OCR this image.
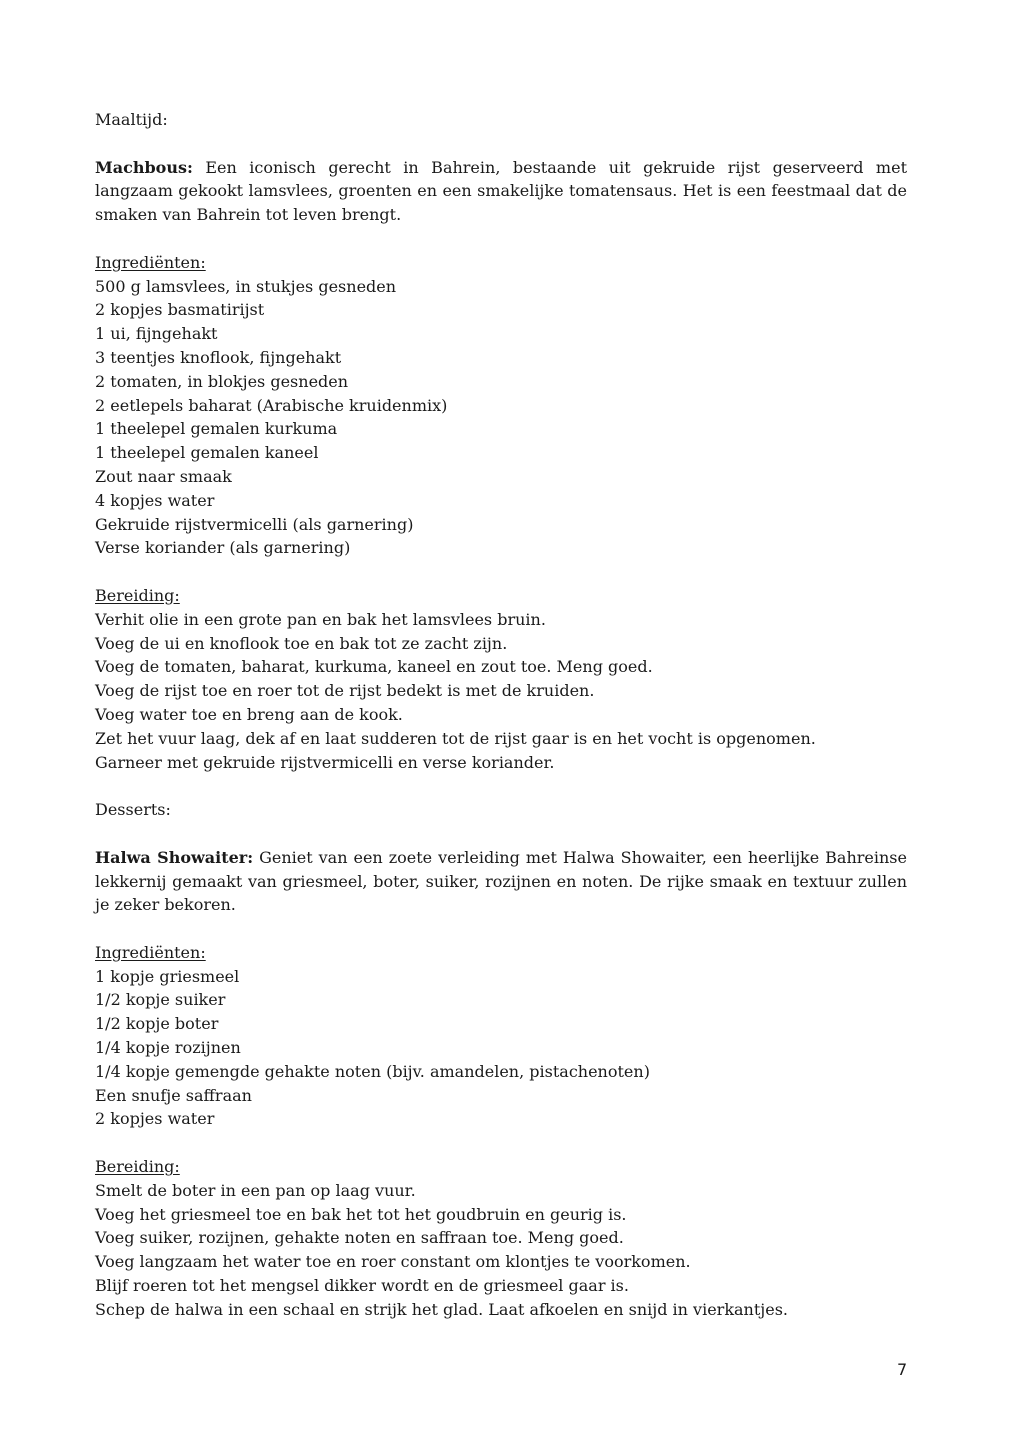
Maaltijd:
Machbous: Een iconisch gerecht in Bahrein, bestaande uit gekruide rijst geserveerd met langzaam gekookt lamsvlees, groenten en een smakelijke tomatensaus. Het is een feestmaal dat de smaken van Bahrein tot leven brengt.
Ingrediënten:
500 g lamsvlees, in stukjes gesneden
2 kopjes basmatirijst
1 ui, fijngehakt
3 teentjes knoflook, fijngehakt
2 tomaten, in blokjes gesneden
2 eetlepels baharat (Arabische kruidenmix)
1 theelepel gemalen kurkuma
1 theelepel gemalen kaneel
Zout naar smaak
4 kopjes water
Gekruide rijstvermicelli (als garnering)
Verse koriander (als garnering)
Bereiding:
Verhit olie in een grote pan en bak het lamsvlees bruin.
Voeg de ui en knoflook toe en bak tot ze zacht zijn.
Voeg de tomaten, baharat, kurkuma, kaneel en zout toe. Meng goed.
Voeg de rijst toe en roer tot de rijst bedekt is met de kruiden.
Voeg water toe en breng aan de kook.
Zet het vuur laag, dek af en laat sudderen tot de rijst gaar is en het vocht is opgenomen.
Garneer met gekruide rijstvermicelli en verse koriander.
Desserts:
Halwa Showaiter: Geniet van een zoete verleiding met Halwa Showaiter, een heerlijke Bahreinse lekkernij gemaakt van griesmeel, boter, suiker, rozijnen en noten. De rijke smaak en textuur zullen je zeker bekoren.
Ingrediënten:
1 kopje griesmeel
1/2 kopje suiker
1/2 kopje boter
1/4 kopje rozijnen
1/4 kopje gemengde gehakte noten (bijv. amandelen, pistachenoten)
Een snufje saffraan
2 kopjes water
Bereiding:
Smelt de boter in een pan op laag vuur.
Voeg het griesmeel toe en bak het tot het goudbruin en geurig is.
Voeg suiker, rozijnen, gehakte noten en saffraan toe. Meng goed.
Voeg langzaam het water toe en roer constant om klontjes te voorkomen.
Blijf roeren tot het mengsel dikker wordt en de griesmeel gaar is.
Schep de halwa in een schaal en strijk het glad. Laat afkoelen en snijd in vierkantjes.
7
